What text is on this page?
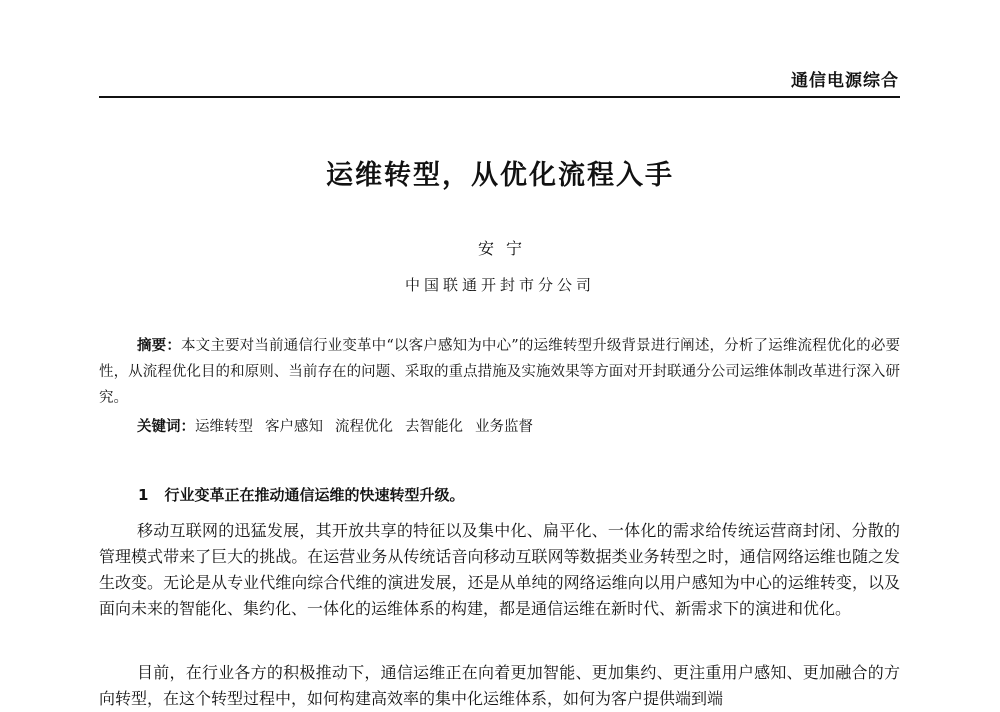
通信电源综合
运维转型，从优化流程入手

安宁

中国联通开封市分公司

摘要：本文主要对当前通信行业变革中“以客户感知为中心”的运维转型升级背景进行阐述，分析了运维流程优化的必要性，从流程优化目的和原则、当前存在的问题、采取的重点措施及实施效果等方面对开封联通分公司运维体制改革进行深入研究。

关键词：运维转型 客户感知 流程优化 去智能化 业务监督

1 行业变革正在推动通信运维的快速转型升级。

移动互联网的迅猛发展，其开放共享的特征以及集中化、扁平化、一体化的需求给传统运营商封闭、分散的管理模式带来了巨大的挑战。在运营业务从传统话音向移动互联网等数据类业务转型之时，通信网络运维也随之发生改变。无论是从专业代维向综合代维的演进发展，还是从单纯的网络运维向以用户感知为中心的运维转变，以及面向未来的智能化、集约化、一体化的运维体系的构建，都是通信运维在新时代、新需求下的演进和优化。

目前，在行业各方的积极推动下，通信运维正在向着更加智能、更加集约、更注重用户感知、更加融合的方向转型，在这个转型过程中，如何构建高效率的集中化运维体系，如何为客户提供端到端
